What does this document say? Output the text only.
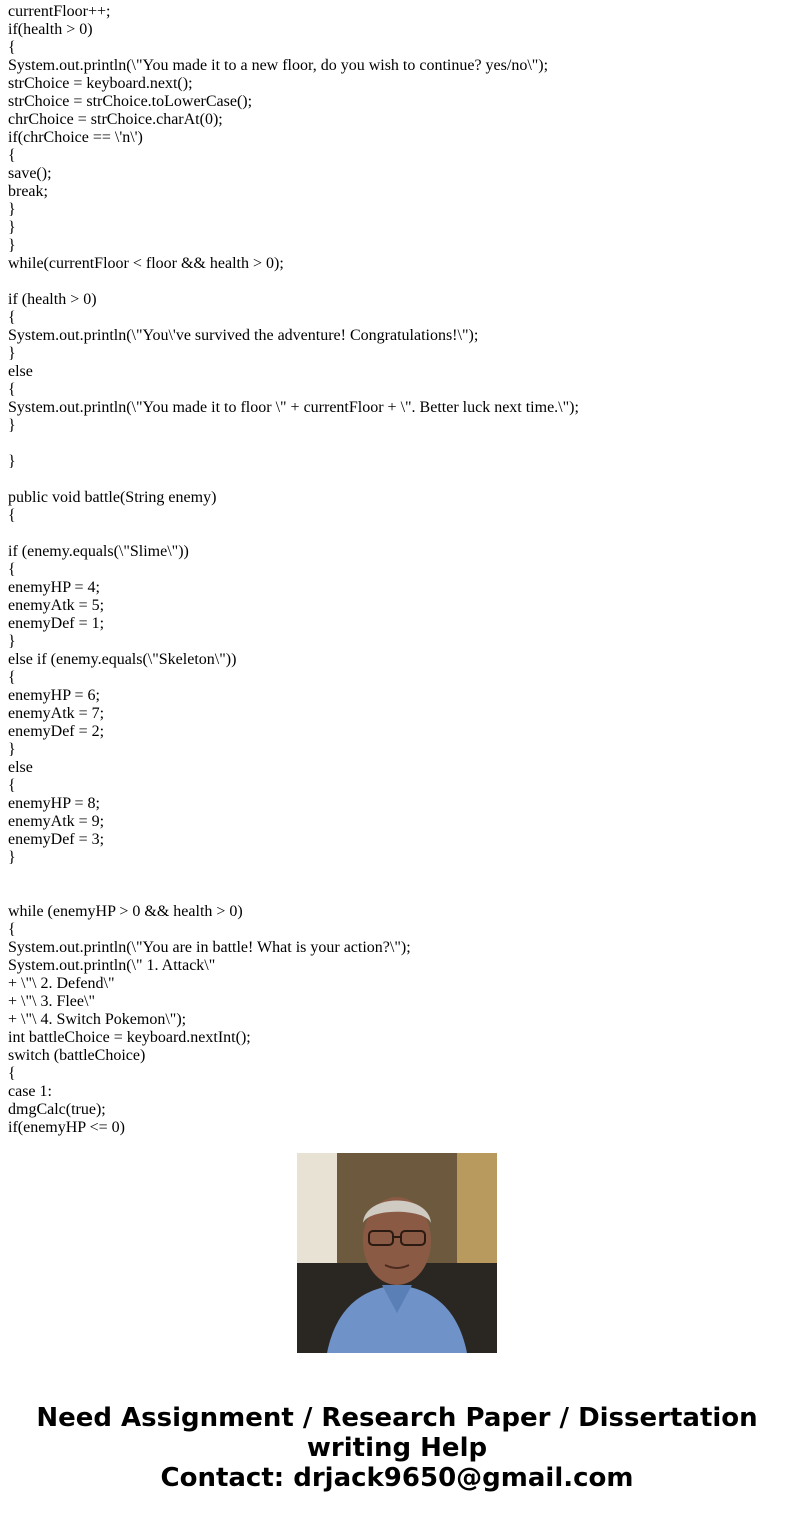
currentFloor++;
if(health > 0)
{
System.out.println(\"You made it to a new floor, do you wish to continue? yes/no\");
strChoice = keyboard.next();
strChoice = strChoice.toLowerCase();
chrChoice = strChoice.charAt(0);
if(chrChoice == \'n\')
{
save();
break;
}
}
}
while(currentFloor < floor && health > 0);
if (health > 0)
{
System.out.println(\"You\'ve survived the adventure! Congratulations!\");
}
else
{
System.out.println(\"You made it to floor \" + currentFloor + \". Better luck next time.\");
}
}
public void battle(String enemy)
{
if (enemy.equals(\"Slime\"))
{
enemyHP = 4;
enemyAtk = 5;
enemyDef = 1;
}
else if (enemy.equals(\"Skeleton\"))
{
enemyHP = 6;
enemyAtk = 7;
enemyDef = 2;
}
else
{
enemyHP = 8;
enemyAtk = 9;
enemyDef = 3;
}
while (enemyHP > 0 && health > 0)
{
System.out.println(\"You are in battle! What is your action?\");
System.out.println(\" 1. Attack\"
+ \"\ 2. Defend\"
+ \"\ 3. Flee\"
+ \"\ 4. Switch Pokemon\");
int battleChoice = keyboard.nextInt();
switch (battleChoice)
{
case 1:
dmgCalc(true);
if(enemyHP <= 0)
Need Assignment / Research Paper / Dissertation
writing Help
Contact: drjack9650@gmail.com
